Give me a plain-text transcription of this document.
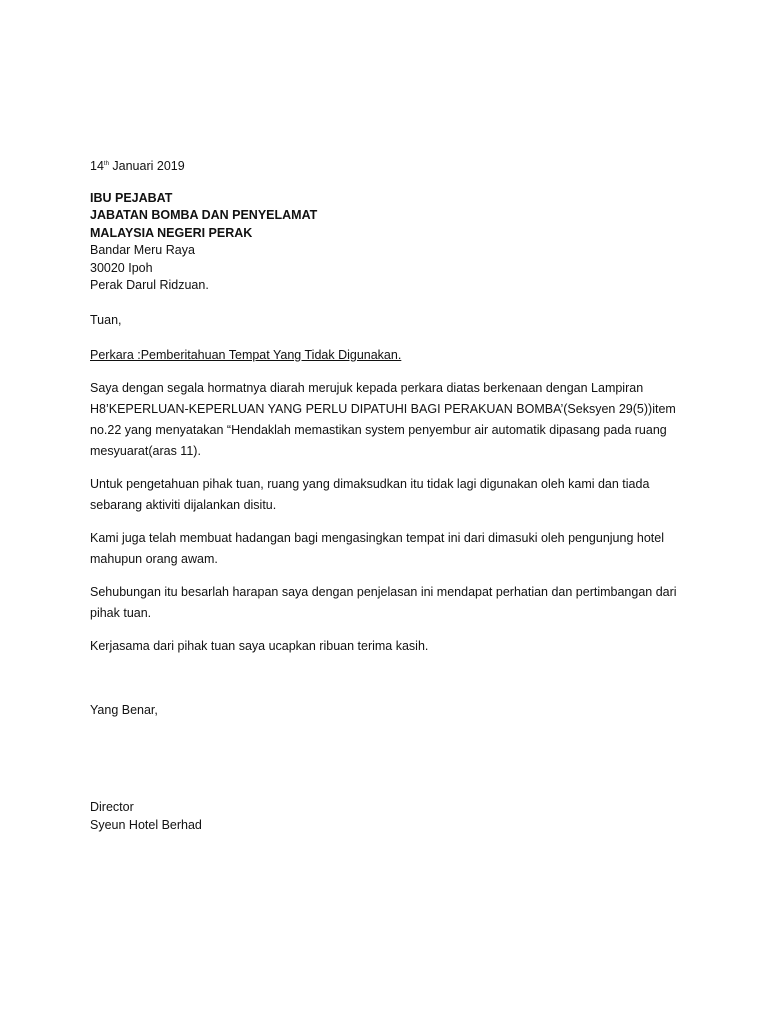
14th Januari 2019
IBU PEJABAT
JABATAN BOMBA DAN PENYELAMAT
MALAYSIA NEGERI PERAK
Bandar Meru Raya
30020 Ipoh
Perak Darul Ridzuan.
Tuan,
Perkara :Pemberitahuan Tempat Yang Tidak Digunakan.
Saya dengan segala hormatnya diarah merujuk kepada perkara diatas berkenaan dengan Lampiran H8’KEPERLUAN-KEPERLUAN YANG PERLU DIPATUHI BAGI PERAKUAN BOMBA’(Seksyen 29(5))item no.22 yang menyatakan “Hendaklah memastikan system penyembur air automatik dipasang pada ruang mesyuarat(aras 11).
Untuk pengetahuan pihak tuan, ruang yang dimaksudkan itu tidak lagi digunakan oleh kami dan tiada sebarang aktiviti dijalankan disitu.
Kami juga telah membuat hadangan bagi mengasingkan tempat ini dari dimasuki oleh pengunjung hotel mahupun orang awam.
Sehubungan itu besarlah harapan saya dengan penjelasan ini mendapat perhatian dan pertimbangan dari pihak tuan.
Kerjasama dari pihak tuan saya ucapkan ribuan terima kasih.
Yang Benar,
Director
Syeun Hotel Berhad
